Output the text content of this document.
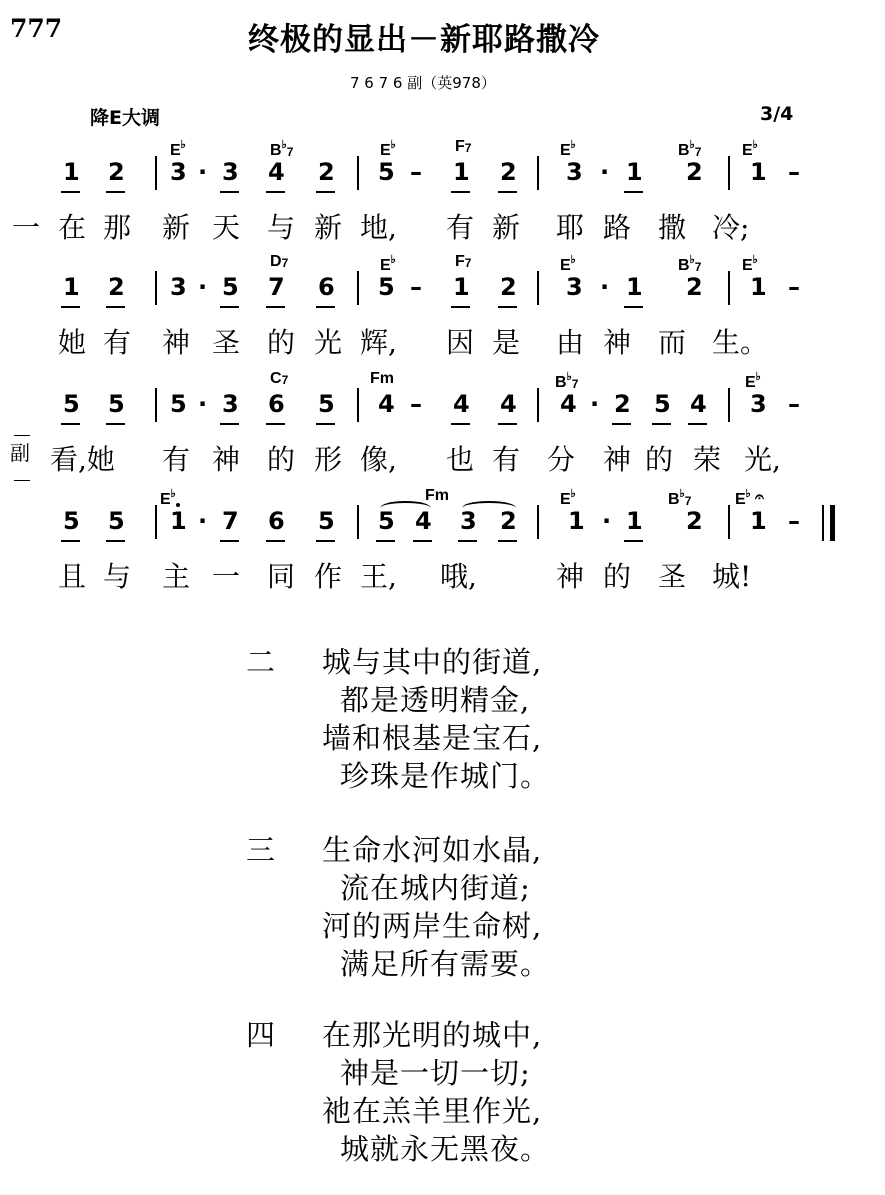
777	终极的显出－新耶路撒冷
7 6 7 6 副（英978）
降E大调	3/4
E♭	$B^♭_7$	E♭	$F_7$	E♭	$B^♭_7$	E♭
1 2 3 · 3 4 2 5 – 1 2 3 · 1 2 1 –
一 在 那 新 天 与 新 地, 有 新 耶 路 撒 冷;
$D_7$	E♭	$F_7$	E♭	$B^♭_7$	E♭
1 2 3 · 5 7 6 5 – 1 2 3 · 1 2 1 –
她 有 神 圣 的 光 辉, 因 是 由 神 而 生。
$C_7$	Fm	$B^♭_7$	E♭
5 5 5 · 3 6 5 4 – 4 4 4 · 2 5 4 3 –
看,她 有 神 的 形 像, 也 有 分 神 的 荣 光,
E♭	Fm	E♭	$B^♭_7$	E♭
5 5 1 · 7 6 5 5 4 3 2 1 · 1 2 1 –
且 与 主 一 同 作 王, 哦,	神 的 圣 城!
𝄐
副
二 城与其中的街道,
都是透明精金,
墙和根基是宝石,
珍珠是作城门。
三 生命水河如水晶,
流在城内街道;
河的两岸生命树,
满足所有需要。
四 在那光明的城中,
神是一切一切;
祂在羔羊里作光,
城就永无黑夜。
